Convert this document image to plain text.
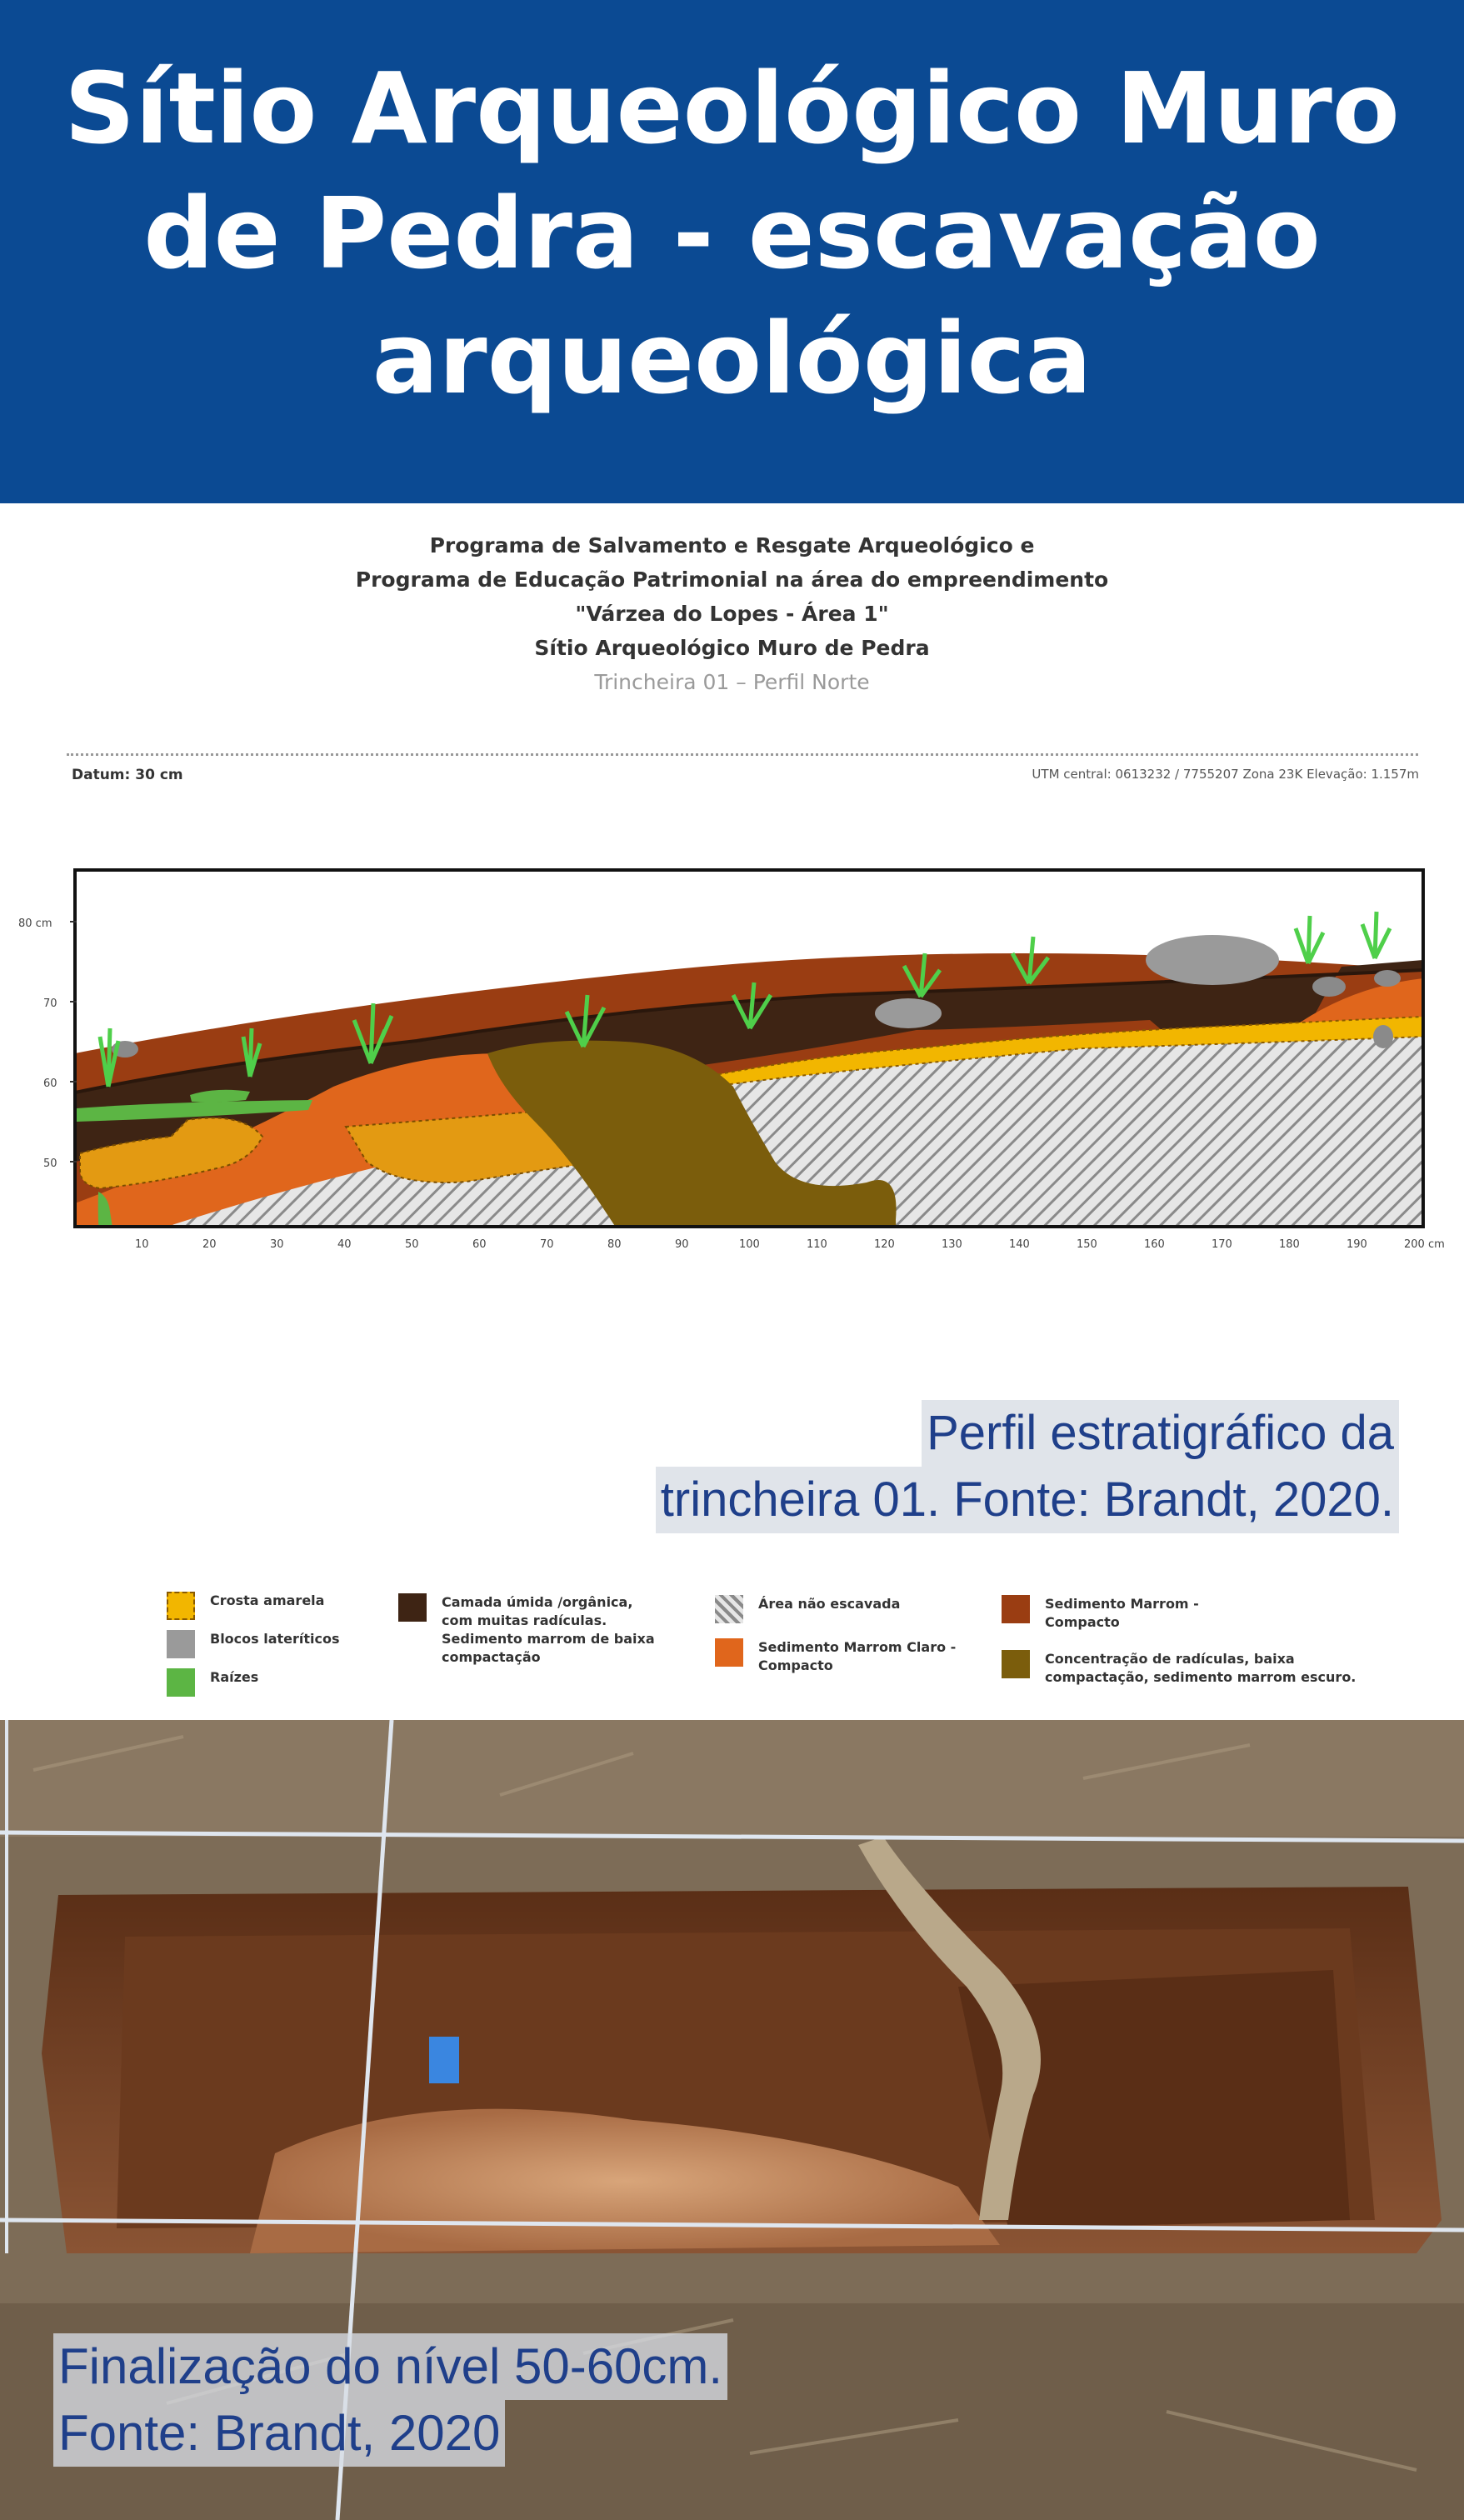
Sítio Arqueológico Muro
de Pedra - escavação
arqueológica
Programa de Salvamento e Resgate Arqueológico e
Programa de Educação Patrimonial na área do empreendimento
"Várzea do Lopes - Área 1"
Sítio Arqueológico Muro de Pedra
Trincheira 01 – Perfil Norte
Datum: 30 cm	UTM central: 0613232 / 7755207 Zona 23K Elevação: 1.157m
80 cm
70
60
50
10	20	30	40	50	60	70	80	90	100	110	120	130	140	150	160	170	180	190	200 cm
Perfil estratigráfico da
trincheira 01. Fonte: Brandt, 2020.
Crosta amarela
Blocos lateríticos
Raízes
Camada úmida /orgânica, com muitas radículas. Sedimento marrom de baixa compactação
Área não escavada
Sedimento Marrom Claro - Compacto
Sedimento Marrom - Compacto
Concentração de radículas, baixa compactação, sedimento marrom escuro.
Finalização do nível 50-60cm.
Fonte: Brandt, 2020
